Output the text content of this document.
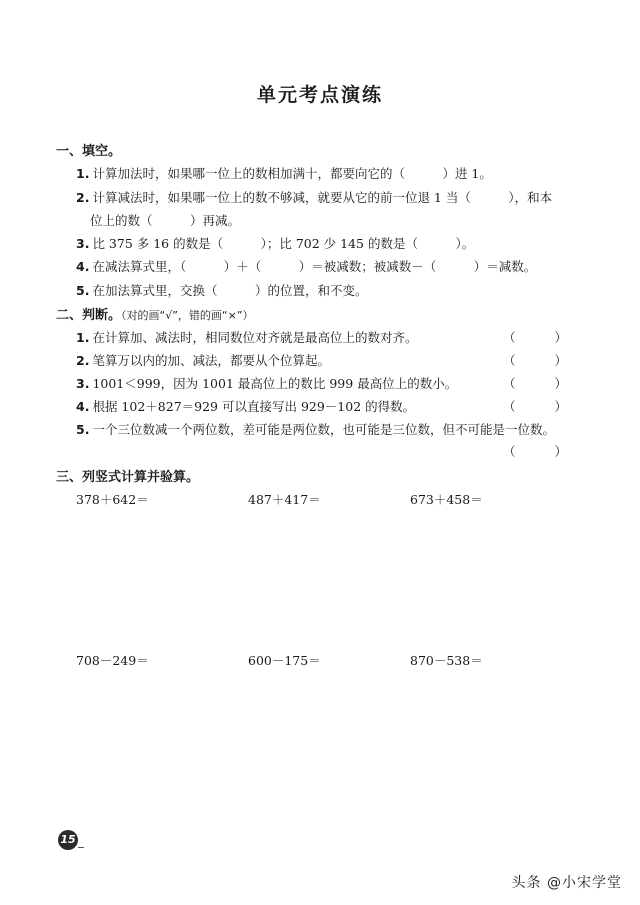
单元考点演练
一、填空。
1. 计算加法时，如果哪一位上的数相加满十，都要向它的（　　　）进 1。
2. 计算减法时，如果哪一位上的数不够减，就要从它的前一位退 1 当（　　　），和本
位上的数（　　　）再减。
3. 比 375 多 16 的数是（　　　）；比 702 少 145 的数是（　　　）。
4. 在减法算式里，（　　　）＋（　　　）＝被减数；被减数－（　　　）＝减数。
5. 在加法算式里，交换（　　　）的位置，和不变。
二、判断。（对的画“√”，错的画“×”）
1. 在计算加、减法时，相同数位对齐就是最高位上的数对齐。	（	）
2. 笔算万以内的加、减法，都要从个位算起。	（	）
3. 1001＜999，因为 1001 最高位上的数比 999 最高位上的数小。	（	）
4. 根据 102＋827＝929 可以直接写出 929－102 的得数。	（	）
5. 一个三位数减一个两位数，差可能是两位数，也可能是三位数，但不可能是一位数。
（	）
三、列竖式计算并验算。
378＋642＝	487＋417＝	673＋458＝
708－249＝	600－175＝	870－538＝
15
头条 @小宋学堂
